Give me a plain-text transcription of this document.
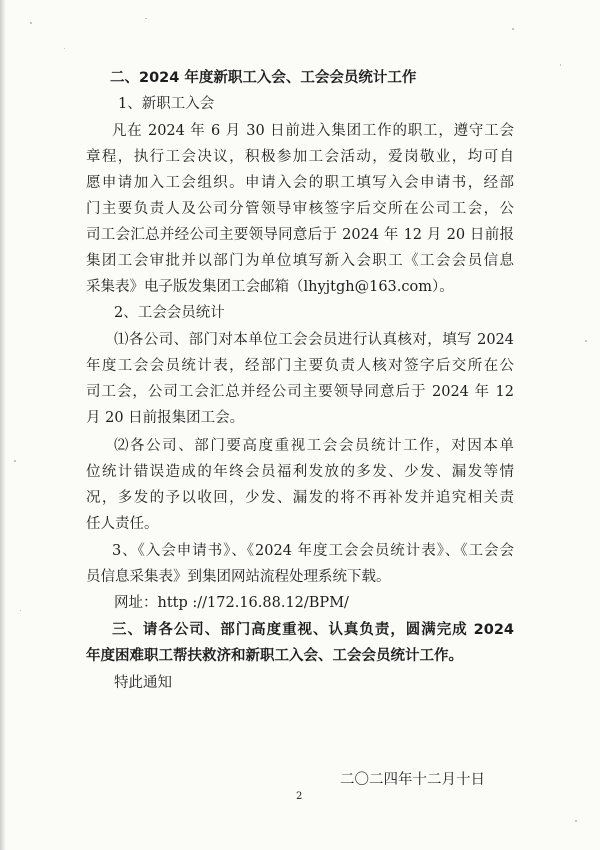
二、2024 年度新职工入会、工会会员统计工作
1、新职工入会
凡在 2024 年 6 月 30 日前进入集团工作的职工，遵守工会
章程，执行工会决议，积极参加工会活动，爱岗敬业，均可自
愿申请加入工会组织。申请入会的职工填写入会申请书，经部
门主要负责人及公司分管领导审核签字后交所在公司工会，公
司工会汇总并经公司主要领导同意后于 2024 年 12 月 20 日前报
集团工会审批并以部门为单位填写新入会职工《工会会员信息
采集表》电子版发集团工会邮箱（lhyjtgh@163.com）。
2、工会会员统计
⑴各公司、部门对本单位工会会员进行认真核对，填写 2024
年度工会会员统计表，经部门主要负责人核对签字后交所在公
司工会，公司工会汇总并经公司主要领导同意后于 2024 年 12
月 20 日前报集团工会。
⑵各公司、部门要高度重视工会会员统计工作，对因本单
位统计错误造成的年终会员福利发放的多发、少发、漏发等情
况，多发的予以收回，少发、漏发的将不再补发并追究相关责
任人责任。
3、《入会申请书》、《2024 年度工会会员统计表》、《工会会
员信息采集表》到集团网站流程处理系统下载。
网址：http ://172.16.88.12/BPM/
三、请各公司、部门高度重视、认真负责，圆满完成 2024
年度困难职工帮扶救济和新职工入会、工会会员统计工作。
特此通知
二〇二四年十二月十日
2
